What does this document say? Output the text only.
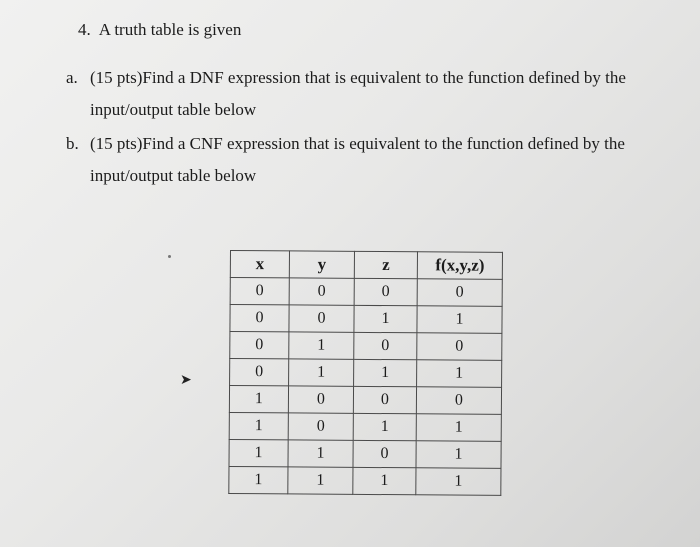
4. A truth table is given
a. (15 pts)Find a DNF expression that is equivalent to the function defined by the input/output table below
b. (15 pts)Find a CNF expression that is equivalent to the function defined by the input/output table below
➤
x	y	z	f(x,y,z)
0	0	0	0
0	0	1	1
0	1	0	0
0	1	1	1
1	0	0	0
1	0	1	1
1	1	0	1
1	1	1	1
